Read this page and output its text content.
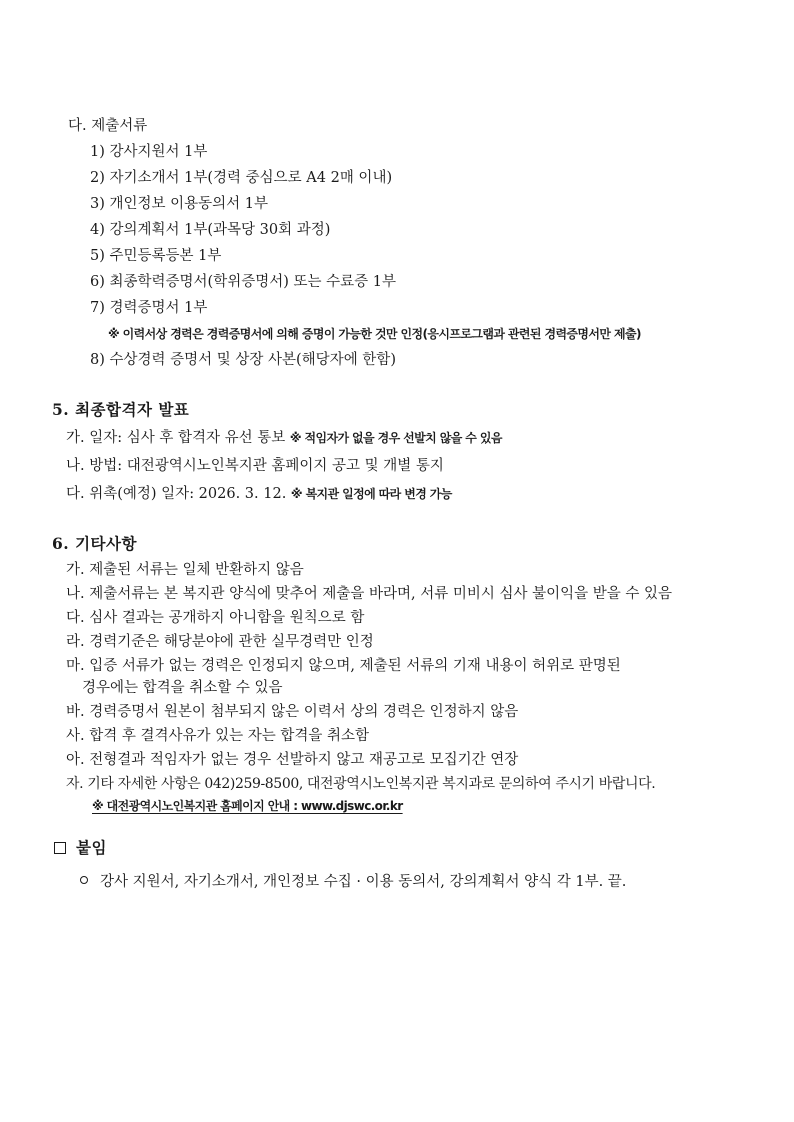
다. 제출서류
1) 강사지원서 1부
2) 자기소개서 1부(경력 중심으로 A4 2매 이내)
3) 개인정보 이용동의서 1부
4) 강의계획서 1부(과목당 30회 과정)
5) 주민등록등본 1부
6) 최종학력증명서(학위증명서) 또는 수료증 1부
7) 경력증명서 1부
※ 이력서상 경력은 경력증명서에 의해 증명이 가능한 것만 인정(응시프로그램과 관련된 경력증명서만 제출)
8) 수상경력 증명서 및 상장 사본(해당자에 한함)
5. 최종합격자 발표
가. 일자: 심사 후 합격자 유선 통보 ※ 적임자가 없을 경우 선발치 않을 수 있음
나. 방법: 대전광역시노인복지관 홈페이지 공고 및 개별 통지
다. 위촉(예정) 일자: 2026. 3. 12. ※ 복지관 일정에 따라 변경 가능
6. 기타사항
가. 제출된 서류는 일체 반환하지 않음
나. 제출서류는 본 복지관 양식에 맞추어 제출을 바라며, 서류 미비시 심사 불이익을 받을 수 있음
다. 심사 결과는 공개하지 아니함을 원칙으로 함
라. 경력기준은 해당분야에 관한 실무경력만 인정
마. 입증 서류가 없는 경력은 인정되지 않으며, 제출된 서류의 기재 내용이 허위로 판명된
경우에는 합격을 취소할 수 있음
바. 경력증명서 원본이 첨부되지 않은 이력서 상의 경력은 인정하지 않음
사. 합격 후 결격사유가 있는 자는 합격을 취소함
아. 전형결과 적임자가 없는 경우 선발하지 않고 재공고로 모집기간 연장
자. 기타 자세한 사항은 042)259-8500, 대전광역시노인복지관 복지과로 문의하여 주시기 바랍니다.
※ 대전광역시노인복지관 홈페이지 안내 : www.djswc.or.kr
붙임
강사 지원서, 자기소개서, 개인정보 수집 · 이용 동의서, 강의계획서 양식 각 1부. 끝.
